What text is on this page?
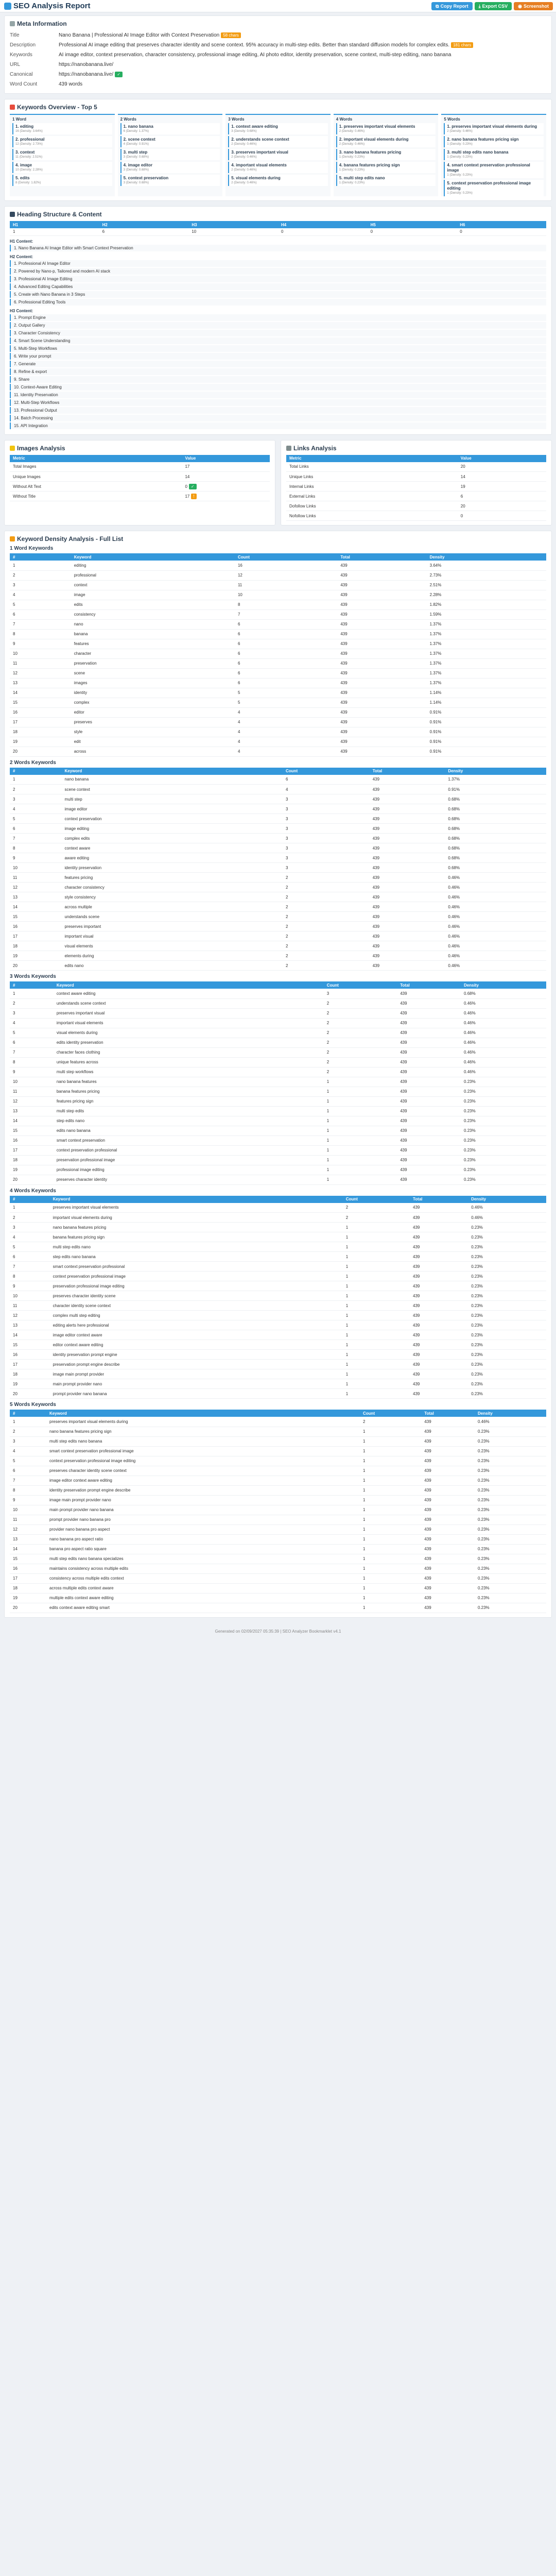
SEO Analysis Report	⧉ Copy Report ⤓ Export CSV ◉ Screenshot
Meta Information
Title	Nano Banana | Professional AI Image Editor with Context Preservation 58 chars
Description	Professional AI image editing that preserves character identity and scene context. 95% accuracy in multi-step edits. Better than standard diffusion models for complex edits. 181 chars
Keywords	AI image editor, context preservation, character consistency, professional image editing, AI photo editor, identity preservation, scene context, multi-step editing, nano banana
URL	https://nanobanana.live/
Canonical	https://nanobanana.live/ ✓
Word Count	439 words
Keywords Overview - Top 5
1 Word
1. editing
16 (Density: 3.64%)
2. professional
12 (Density: 2.73%)
3. context
11 (Density: 2.51%)
4. image
10 (Density: 2.28%)
5. edits
8 (Density: 1.82%)
2 Words
1. nano banana
6 (Density: 1.37%)
2. scene context
4 (Density: 0.91%)
3. multi step
3 (Density: 0.68%)
4. image editor
3 (Density: 0.68%)
5. context preservation
3 (Density: 0.68%)
3 Words
1. context aware editing
3 (Density: 0.68%)
2. understands scene context
2 (Density: 0.46%)
3. preserves important visual
2 (Density: 0.46%)
4. important visual elements
2 (Density: 0.46%)
5. visual elements during
2 (Density: 0.46%)
4 Words
1. preserves important visual elements
2 (Density: 0.46%)
2. important visual elements during
2 (Density: 0.46%)
3. nano banana features pricing
1 (Density: 0.23%)
4. banana features pricing sign
1 (Density: 0.23%)
5. multi step edits nano
1 (Density: 0.23%)
5 Words
1. preserves important visual elements during
2 (Density: 0.46%)
2. nano banana features pricing sign
1 (Density: 0.23%)
3. multi step edits nano banana
1 (Density: 0.23%)
4. smart context preservation professional image
1 (Density: 0.23%)
5. context preservation professional image editing
1 (Density: 0.23%)
Heading Structure & Content
H1	H2	H3	H4	H5	H6
1	6	10	0	0	0
H1 Content:
1. Nano Banana AI Image Editor with Smart Context Preservation
H2 Content:
1. Professional AI Image Editor
2. Powered by Nano-p, Tailored and modern AI stack
3. Professional AI Image Editing
4. Advanced Editing Capabilities
5. Create with Nano Banana in 3 Steps
6. Professional Editing Tools
H3 Content:
1. Prompt Engine
2. Output Gallery
3. Character Consistency
4. Smart Scene Understanding
5. Multi-Step Workflows
6. Write your prompt
7. Generate
8. Refine & export
9. Share
10. Context-Aware Editing
11. Identity Preservation
12. Multi-Step Workflows
13. Professional Output
14. Batch Processing
15. API Integration
Images Analysis
Metric	Value
Total Images	17
Unique Images	14
Without Alt Text	0 ✓
Without Title	17 !
Links Analysis
Metric	Value
Total Links	20
Unique Links	14
Internal Links	19
External Links	6
Dofollow Links	20
Nofollow Links	0
Keyword Density Analysis - Full List
1 Word Keywords
#	Keyword	Count	Total	Density
1	editing	16	439	3.64%
2	professional	12	439	2.73%
3	context	11	439	2.51%
4	image	10	439	2.28%
5	edits	8	439	1.82%
6	consistency	7	439	1.59%
7	nano	6	439	1.37%
8	banana	6	439	1.37%
9	features	6	439	1.37%
10	character	6	439	1.37%
11	preservation	6	439	1.37%
12	scene	6	439	1.37%
13	images	6	439	1.37%
14	identity	5	439	1.14%
15	complex	5	439	1.14%
16	editor	4	439	0.91%
17	preserves	4	439	0.91%
18	style	4	439	0.91%
19	edit	4	439	0.91%
20	across	4	439	0.91%
2 Words Keywords
#	Keyword	Count	Total	Density
1	nano banana	6	439	1.37%
2	scene context	4	439	0.91%
3	multi step	3	439	0.68%
4	image editor	3	439	0.68%
5	context preservation	3	439	0.68%
6	image editing	3	439	0.68%
7	complex edits	3	439	0.68%
8	context aware	3	439	0.68%
9	aware editing	3	439	0.68%
10	identity preservation	3	439	0.68%
11	features pricing	2	439	0.46%
12	character consistency	2	439	0.46%
13	style consistency	2	439	0.46%
14	across multiple	2	439	0.46%
15	understands scene	2	439	0.46%
16	preserves important	2	439	0.46%
17	important visual	2	439	0.46%
18	visual elements	2	439	0.46%
19	elements during	2	439	0.46%
20	edits nano	2	439	0.46%
3 Words Keywords
#	Keyword	Count	Total	Density
1	context aware editing	3	439	0.68%
2	understands scene context	2	439	0.46%
3	preserves important visual	2	439	0.46%
4	important visual elements	2	439	0.46%
5	visual elements during	2	439	0.46%
6	edits identity preservation	2	439	0.46%
7	character faces clothing	2	439	0.46%
8	unique features across	2	439	0.46%
9	multi step workflows	2	439	0.46%
10	nano banana features	1	439	0.23%
11	banana features pricing	1	439	0.23%
12	features pricing sign	1	439	0.23%
13	multi step edits	1	439	0.23%
14	step edits nano	1	439	0.23%
15	edits nano banana	1	439	0.23%
16	smart context preservation	1	439	0.23%
17	context preservation professional	1	439	0.23%
18	preservation professional image	1	439	0.23%
19	professional image editing	1	439	0.23%
20	preserves character identity	1	439	0.23%
4 Words Keywords
#	Keyword	Count	Total	Density
1	preserves important visual elements	2	439	0.46%
2	important visual elements during	2	439	0.46%
3	nano banana features pricing	1	439	0.23%
4	banana features pricing sign	1	439	0.23%
5	multi step edits nano	1	439	0.23%
6	step edits nano banana	1	439	0.23%
7	smart context preservation professional	1	439	0.23%
8	context preservation professional image	1	439	0.23%
9	preservation professional image editing	1	439	0.23%
10	preserves character identity scene	1	439	0.23%
11	character identity scene context	1	439	0.23%
12	complex multi step editing	1	439	0.23%
13	editing alerts here professional	1	439	0.23%
14	image editor context aware	1	439	0.23%
15	editor context aware editing	1	439	0.23%
16	identity preservation prompt engine	1	439	0.23%
17	preservation prompt engine describe	1	439	0.23%
18	image main prompt provider	1	439	0.23%
19	main prompt provider nano	1	439	0.23%
20	prompt provider nano banana	1	439	0.23%
5 Words Keywords
#	Keyword	Count	Total	Density
1	preserves important visual elements during	2	439	0.46%
2	nano banana features pricing sign	1	439	0.23%
3	multi step edits nano banana	1	439	0.23%
4	smart context preservation professional image	1	439	0.23%
5	context preservation professional image editing	1	439	0.23%
6	preserves character identity scene context	1	439	0.23%
7	image editor context aware editing	1	439	0.23%
8	identity preservation prompt engine describe	1	439	0.23%
9	image main prompt provider nano	1	439	0.23%
10	main prompt provider nano banana	1	439	0.23%
11	prompt provider nano banana pro	1	439	0.23%
12	provider nano banana pro aspect	1	439	0.23%
13	nano banana pro aspect ratio	1	439	0.23%
14	banana pro aspect ratio square	1	439	0.23%
15	multi step edits nano banana specializes	1	439	0.23%
16	maintains consistency across multiple edits	1	439	0.23%
17	consistency across multiple edits context	1	439	0.23%
18	across multiple edits context aware	1	439	0.23%
19	multiple edits context aware editing	1	439	0.23%
20	edits context aware editing smart	1	439	0.23%
Generated on 02/09/2027 05:35:39 | SEO Analyzer Bookmarklet v4.1
